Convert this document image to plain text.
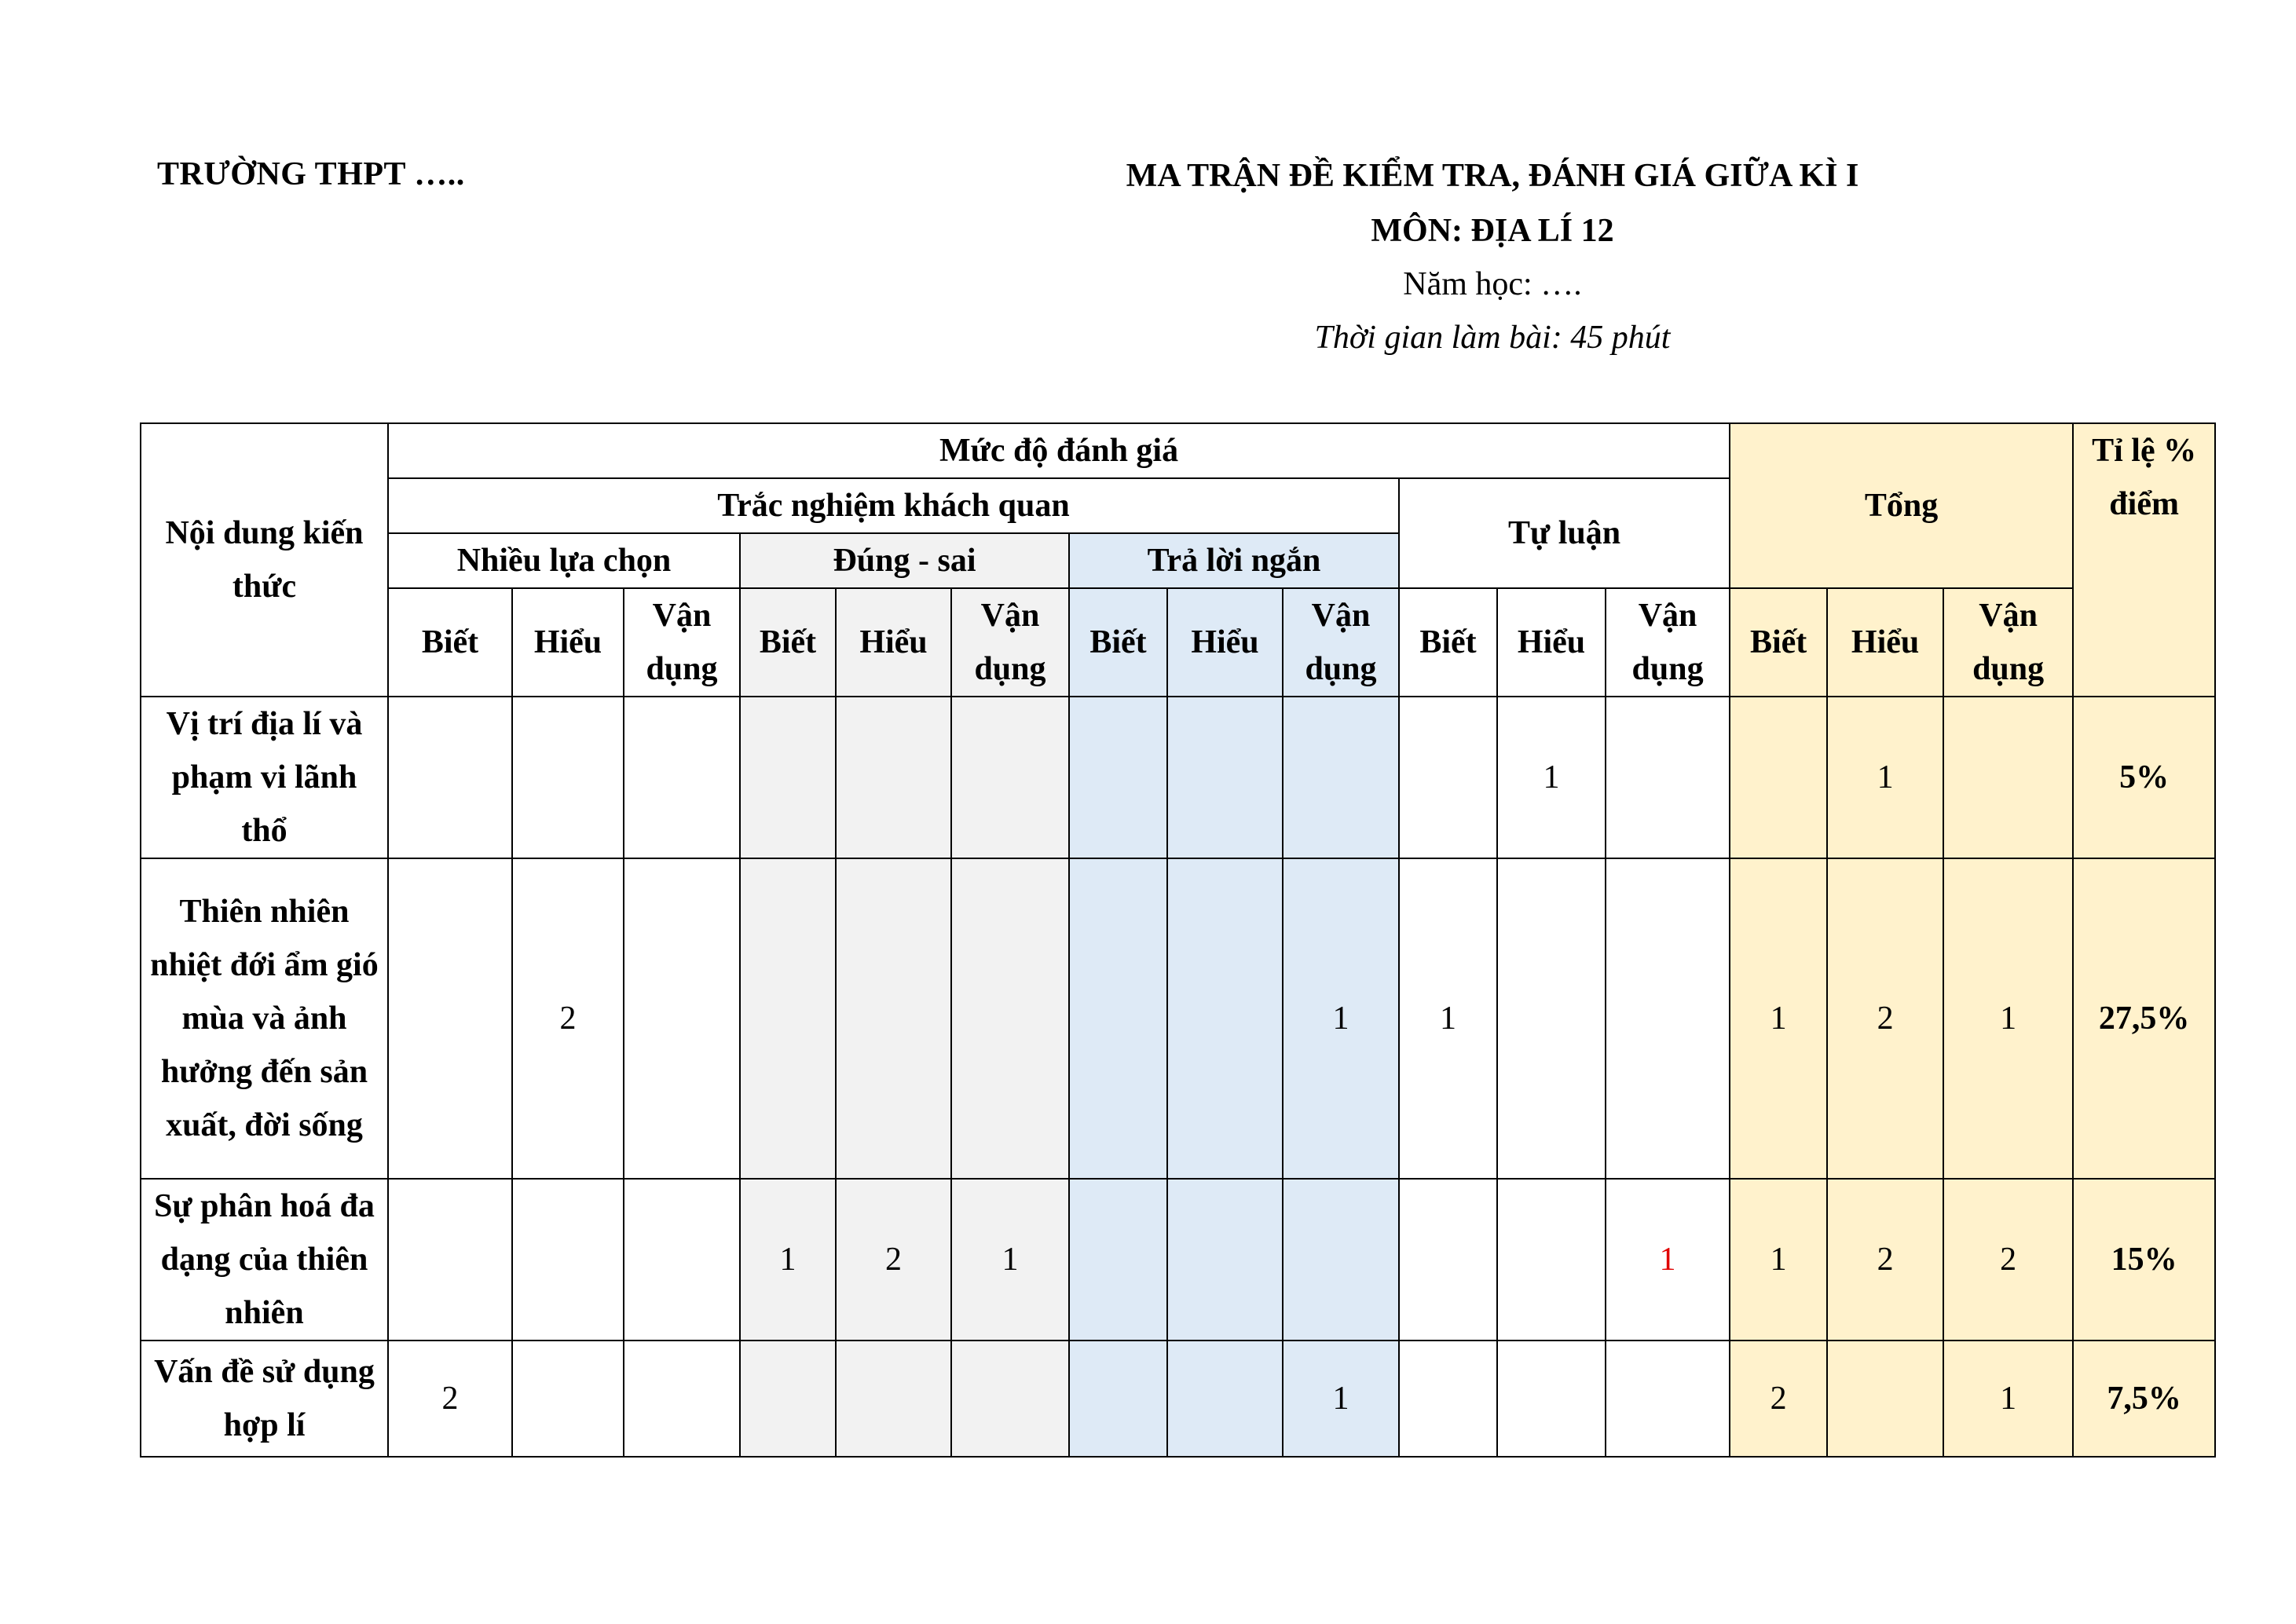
TRƯỜNG THPT …..	MA TRẬN ĐỀ KIỂM TRA, ĐÁNH GIÁ GIỮA KÌ I
MÔN: ĐỊA LÍ 12
Năm học: ….
Thời gian làm bài: 45 phút
Nội dung kiến thức	Mức độ đánh giá												Tổng			Tỉ lệ % điểm
	Trắc nghiệm khách quan									Tự luận						
	Nhiều lựa chọn			Đúng - sai			Trả lời ngắn									
	Biết	Hiểu	Vận dụng	Biết	Hiểu	Vận dụng	Biết	Hiểu	Vận dụng	Biết	Hiểu	Vận dụng	Biết	Hiểu	Vận dụng	
Vị trí địa lí và phạm vi lãnh thổ											1			1		5%
Thiên nhiên nhiệt đới ẩm gió mùa và ảnh hưởng đến sản xuất, đời sống		2							1	1			1	2	1	27,5%
Sự phân hoá đa dạng của thiên nhiên				1	2	1						1	1	2	2	15%
Vấn đề sử dụng hợp lí	2								1				2		1	7,5%
